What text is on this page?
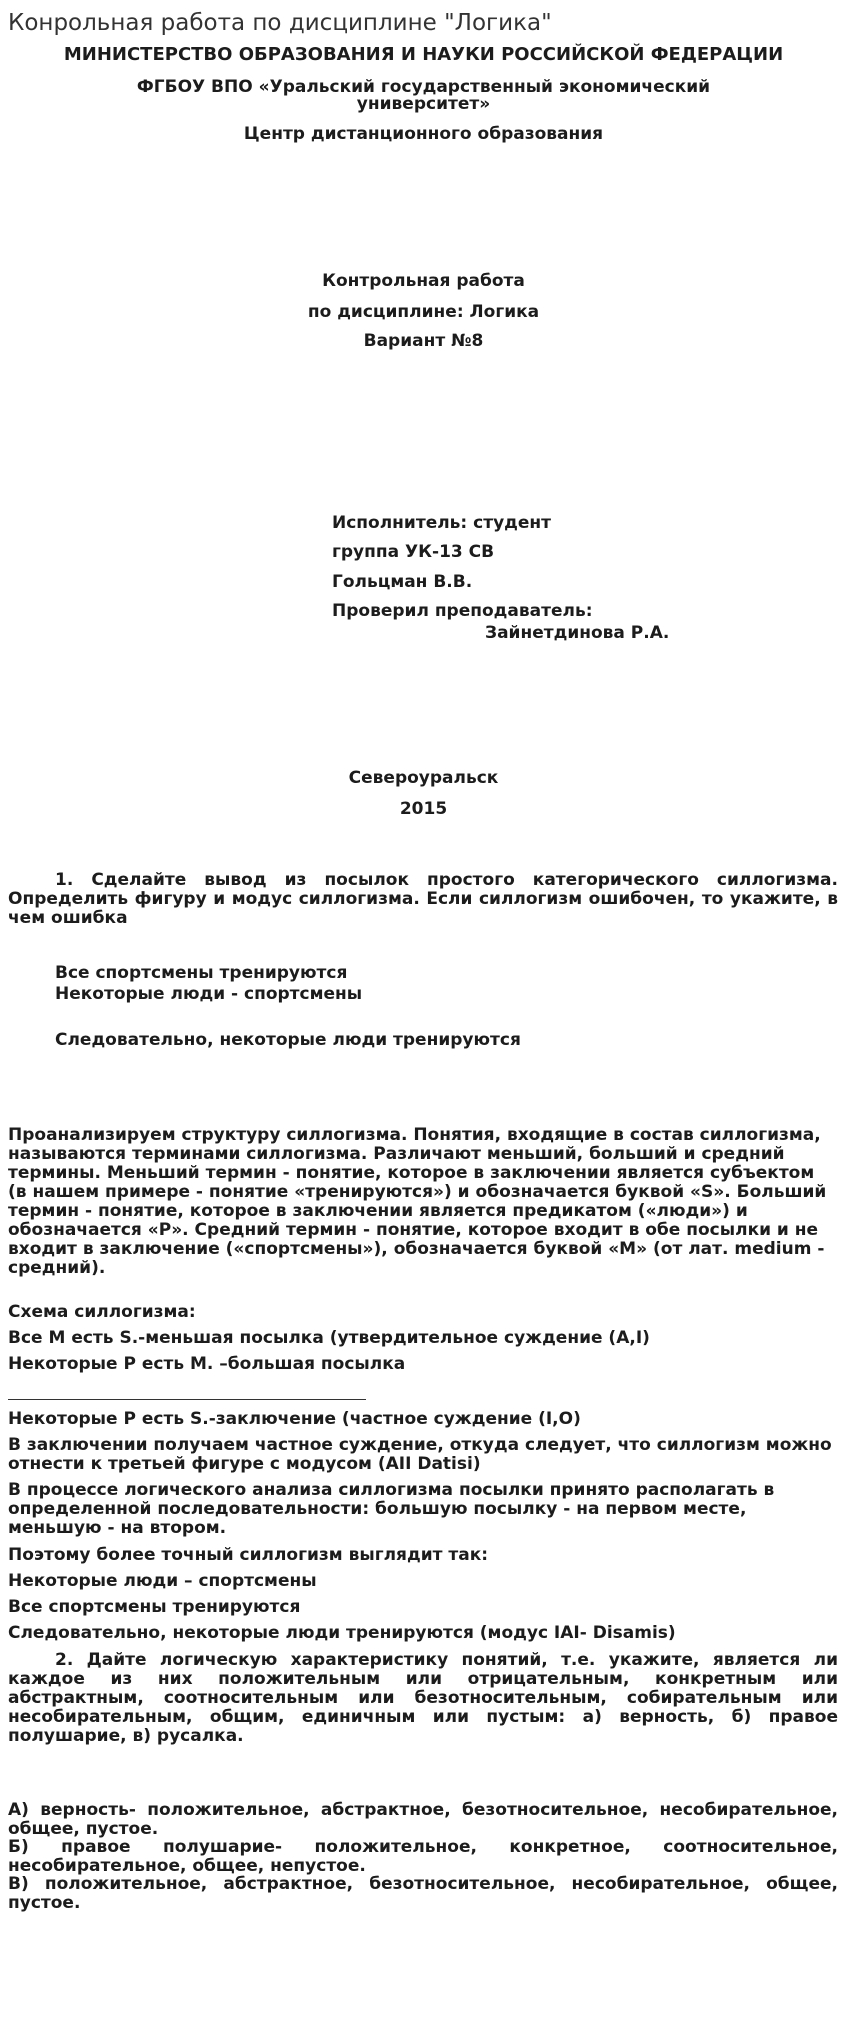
Конрольная работа по дисциплине "Логика"
МИНИСТЕРСТВО ОБРАЗОВАНИЯ И НАУКИ РОССИЙСКОЙ ФЕДЕРАЦИИ
ФГБОУ ВПО «Уральский государственный экономический
университет»
Центр дистанционного образования
Контрольная работа
по дисциплине: Логика
Вариант №8
Исполнитель: студент
группа УК-13 СВ
Гольцман В.В.
Проверил преподаватель:
Зайнетдинова Р.А.
Североуральск
2015
1. Сделайте вывод из посылок простого категорического силлогизма. Определить фигуру и модус силлогизма. Если силлогизм ошибочен, то укажите, в чем ошибка
Все спортсмены тренируются
Некоторые люди - спортсмены
Следовательно, некоторые люди тренируются
Проанализируем структуру силлогизма. Понятия, входящие в состав силлогизма, называются терминами силлогизма. Различают меньший, больший и средний термины. Меньший термин - понятие, которое в заключении является субъектом (в нашем примере - понятие «тренируются») и обозначается буквой «S». Больший термин - понятие, которое в заключении является предикатом («люди») и обозначается «Р». Средний термин - понятие, которое входит в обе посылки и не входит в заключение («спортсмены»), обозначается буквой «М» (от лат. medium - средний).
Схема силлогизма:
Все М есть S.-меньшая посылка (утвердительное суждение (А,I)
Некоторые Р есть М. –большая посылка
Некоторые Р есть S.-заключение (частное суждение (I,O)
В заключении получаем частное суждение, откуда следует, что силлогизм можно отнести к третьей фигуре с модусом (АII Datisi)
В процессе логического анализа силлогизма посылки принято располагать в определенной последовательности: большую посылку - на первом месте, меньшую - на втором.
Поэтому более точный силлогизм выглядит так:
Некоторые люди – спортсмены
Все спортсмены тренируются
Следовательно, некоторые люди тренируются (модус IAI- Disamis)
2. Дайте логическую характеристику понятий, т.е. укажите, является ли каждое из них положительным или отрицательным, конкретным или абстрактным, соотносительным или безотносительным, собирательным или несобирательным, общим, единичным или пустым: а) верность, б) правое полушарие, в) русалка.
А) верность- положительное, абстрактное, безотносительное, несобирательное, общее, пустое.
Б) правое полушарие- положительное, конкретное, соотносительное, несобирательное, общее, непустое.
В) положительное, абстрактное, безотносительное, несобирательное, общее, пустое.
